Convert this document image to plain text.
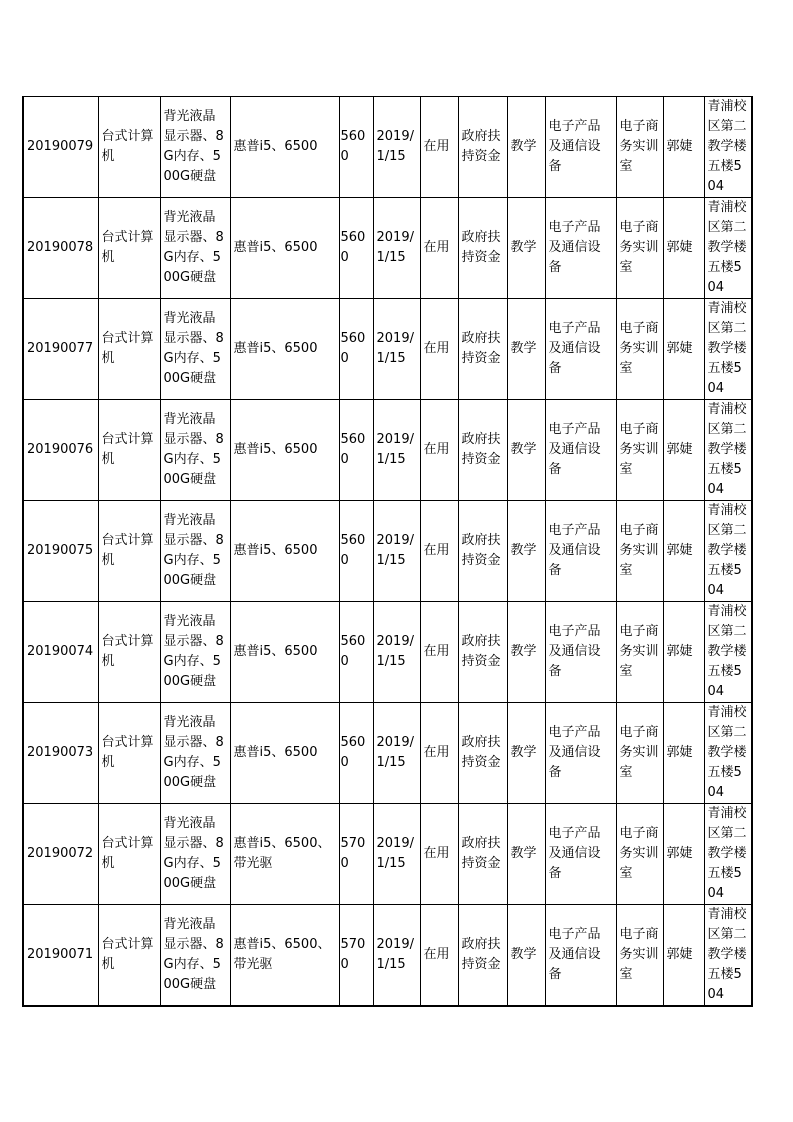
20190079	台式计算机	背光液晶显示器、8G内存、500G硬盘	惠普i5、6500	5600	2019/1/15	在用	政府扶持资金	教学	电子产品及通信设备	电子商务实训室	郭婕	青浦校区第二教学楼五楼504
20190078	台式计算机	背光液晶显示器、8G内存、500G硬盘	惠普i5、6500	5600	2019/1/15	在用	政府扶持资金	教学	电子产品及通信设备	电子商务实训室	郭婕	青浦校区第二教学楼五楼504
20190077	台式计算机	背光液晶显示器、8G内存、500G硬盘	惠普i5、6500	5600	2019/1/15	在用	政府扶持资金	教学	电子产品及通信设备	电子商务实训室	郭婕	青浦校区第二教学楼五楼504
20190076	台式计算机	背光液晶显示器、8G内存、500G硬盘	惠普i5、6500	5600	2019/1/15	在用	政府扶持资金	教学	电子产品及通信设备	电子商务实训室	郭婕	青浦校区第二教学楼五楼504
20190075	台式计算机	背光液晶显示器、8G内存、500G硬盘	惠普i5、6500	5600	2019/1/15	在用	政府扶持资金	教学	电子产品及通信设备	电子商务实训室	郭婕	青浦校区第二教学楼五楼504
20190074	台式计算机	背光液晶显示器、8G内存、500G硬盘	惠普i5、6500	5600	2019/1/15	在用	政府扶持资金	教学	电子产品及通信设备	电子商务实训室	郭婕	青浦校区第二教学楼五楼504
20190073	台式计算机	背光液晶显示器、8G内存、500G硬盘	惠普i5、6500	5600	2019/1/15	在用	政府扶持资金	教学	电子产品及通信设备	电子商务实训室	郭婕	青浦校区第二教学楼五楼504
20190072	台式计算机	背光液晶显示器、8G内存、500G硬盘	惠普i5、6500、带光驱	5700	2019/1/15	在用	政府扶持资金	教学	电子产品及通信设备	电子商务实训室	郭婕	青浦校区第二教学楼五楼504
20190071	台式计算机	背光液晶显示器、8G内存、500G硬盘	惠普i5、6500、带光驱	5700	2019/1/15	在用	政府扶持资金	教学	电子产品及通信设备	电子商务实训室	郭婕	青浦校区第二教学楼五楼504
